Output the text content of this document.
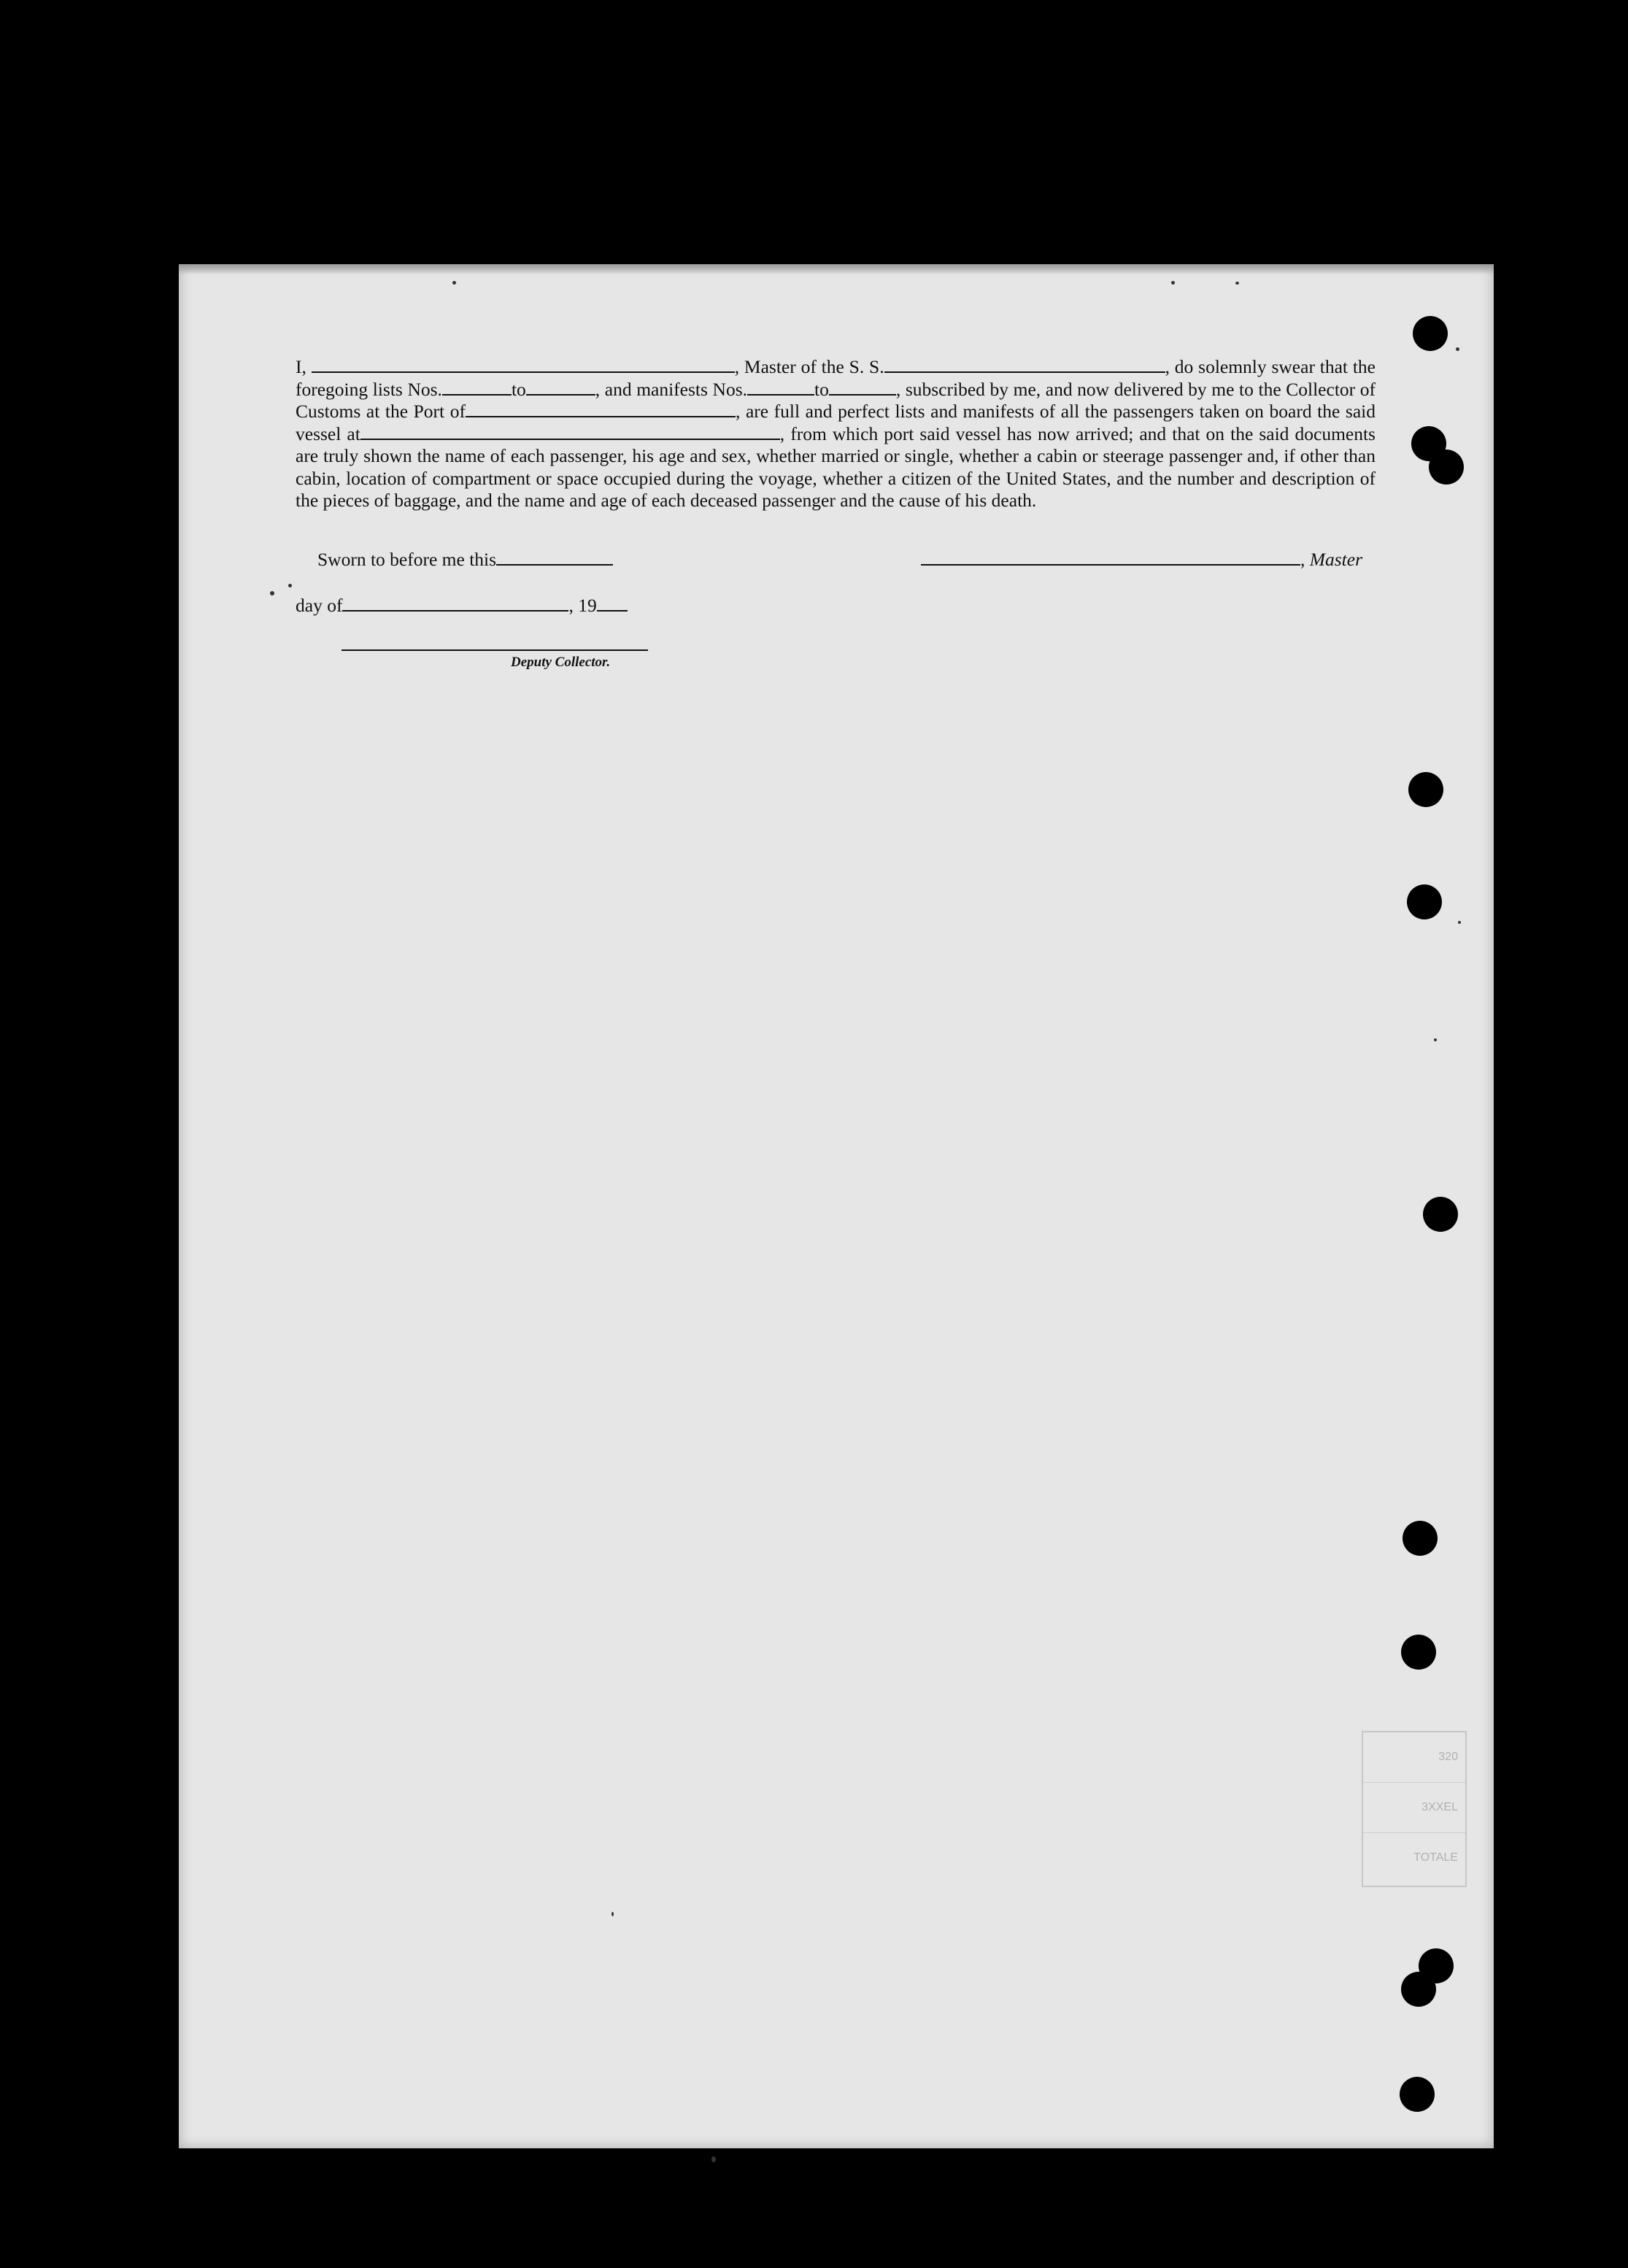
I,	, Master of the S. S.	, do solemnly swear that the foregoing lists Nos.	to	, and manifests Nos.	to	, subscribed by me, and now delivered by me to the Collector of Customs at the Port of	, are full and perfect lists and manifests of all the passengers taken on board the said vessel at	, from which port said vessel has now arrived; and that on the said documents are truly shown the name of each passenger, his age and sex, whether married or single, whether a cabin or steerage passenger and, if other than cabin, location of compartment or space occupied during the voyage, whether a citizen of the United States, and the number and description of the pieces of baggage, and the name and age of each deceased passenger and the cause of his death.
Sworn to before me this	, Master
day of	, 19
Deputy Collector.
320
3XXEL
TOTALE
